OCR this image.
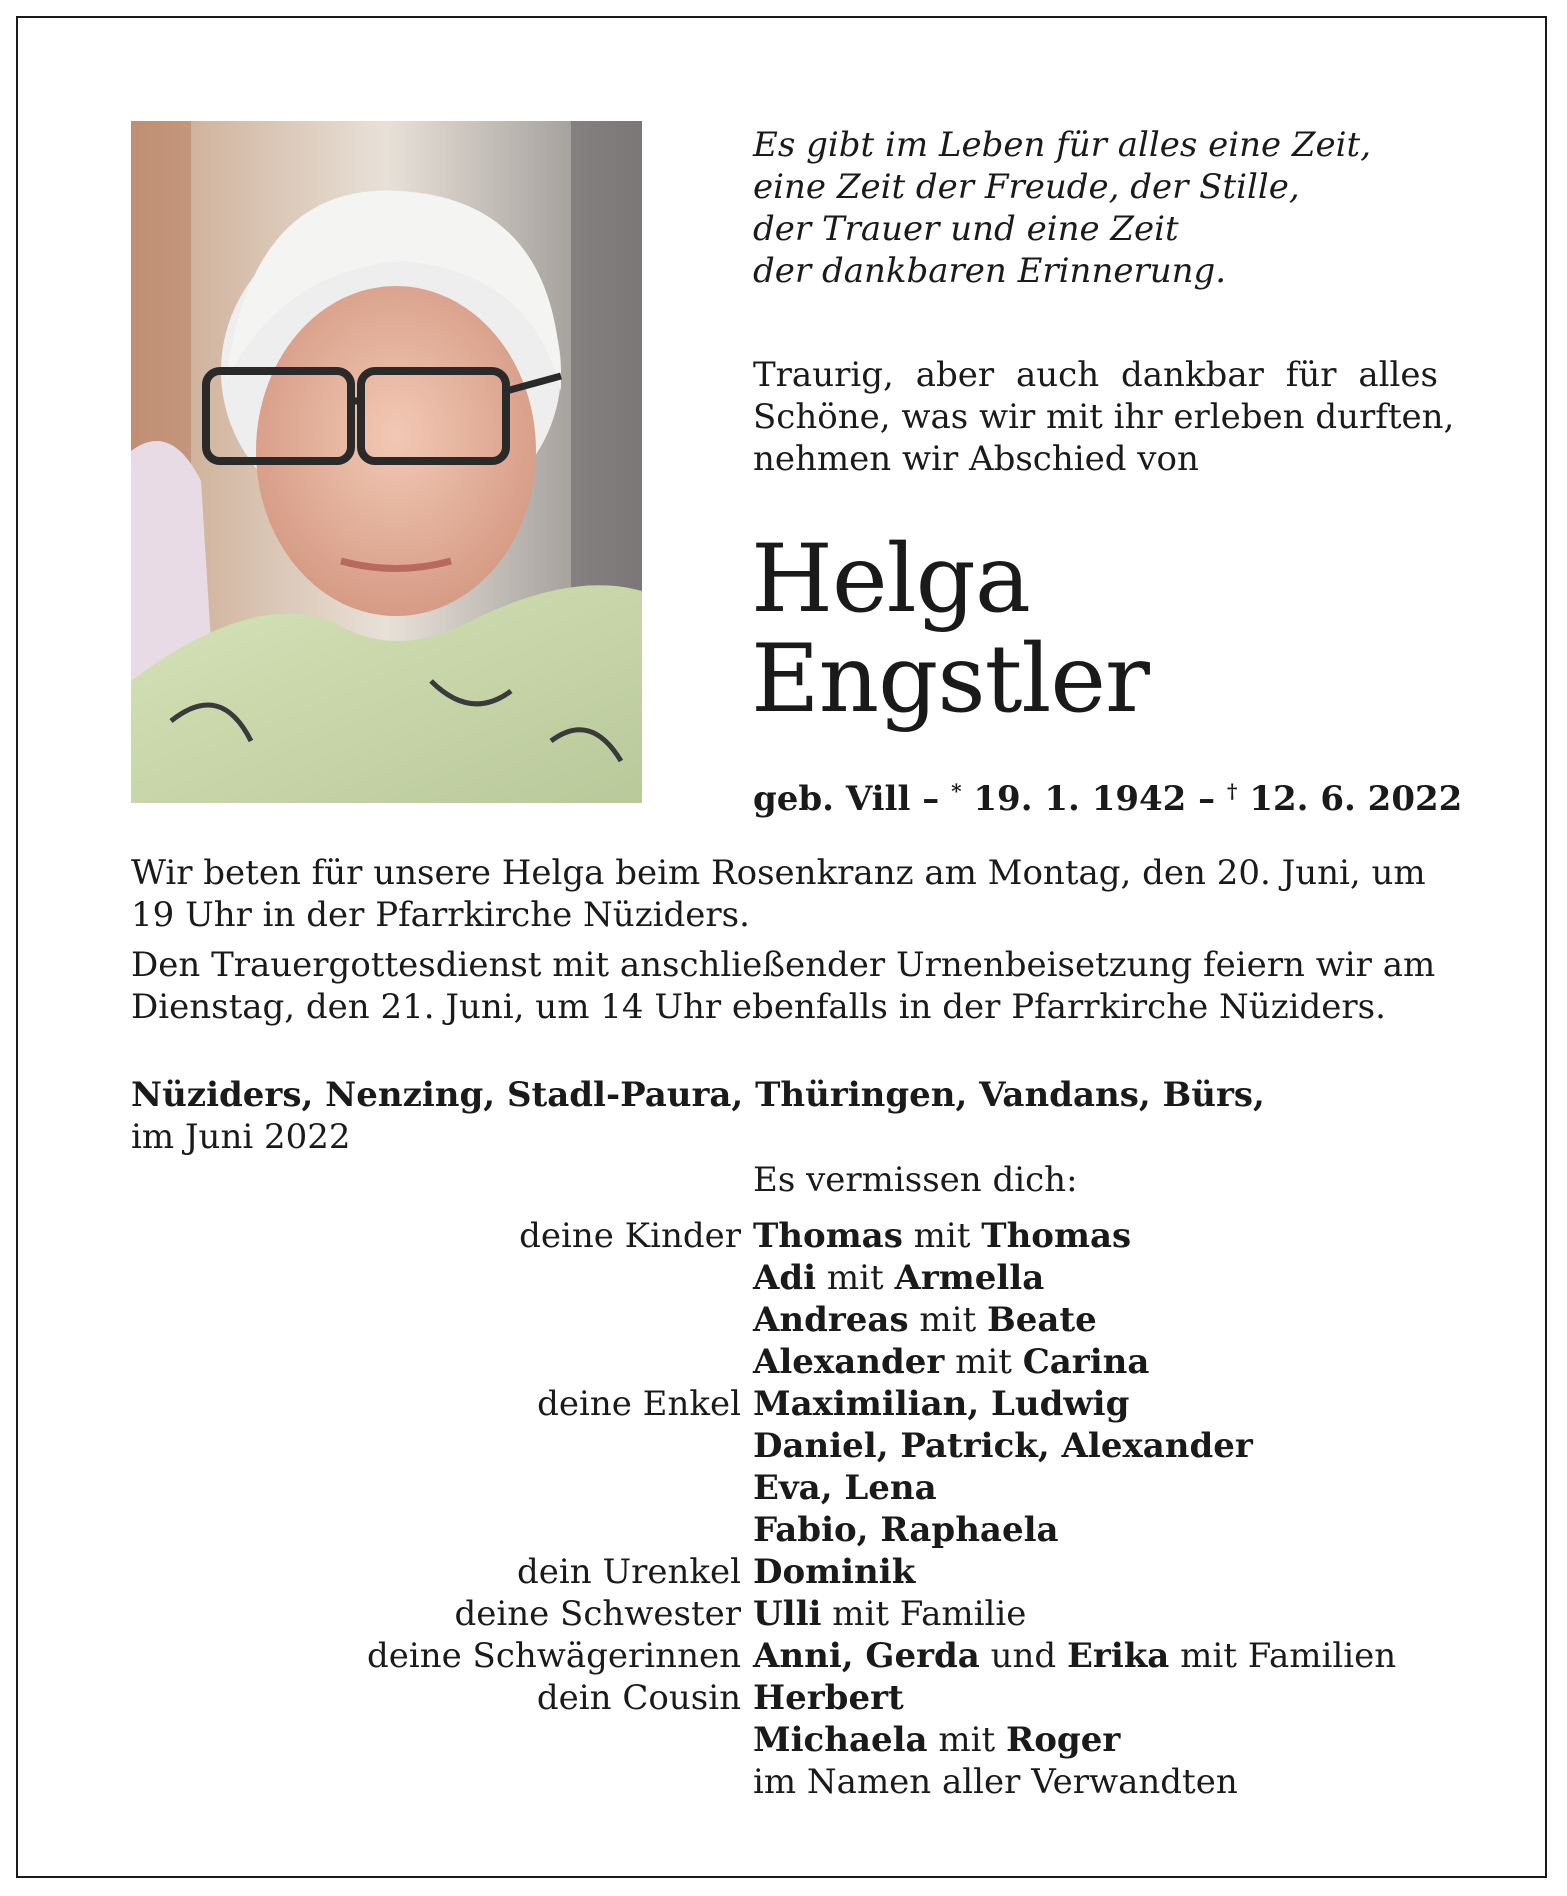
Es gibt im Leben für alles eine Zeit,
eine Zeit der Freude, der Stille,
der Trauer und eine Zeit
der dankbaren Erinnerung.
Traurig, aber auch dankbar für alles
Schöne, was wir mit ihr erleben durften,
nehmen wir Abschied von
Helga
Engstler
geb. Vill – * 19. 1. 1942 – † 12. 6. 2022

Wir beten für unsere Helga beim Rosenkranz am Montag, den 20. Juni, um
19 Uhr in der Pfarrkirche Nüziders.

Den Trauergottesdienst mit anschließender Urnenbeisetzung feiern wir am
Dienstag, den 21. Juni, um 14 Uhr ebenfalls in der Pfarrkirche Nüziders.

Nüziders, Nenzing, Stadl-Paura, Thüringen, Vandans, Bürs,
im Juni 2022
Es vermissen dich:
deine Kinder Thomas mit Thomas
Adi mit Armella
Andreas mit Beate
Alexander mit Carina
deine Enkel Maximilian, Ludwig
Daniel, Patrick, Alexander
Eva, Lena
Fabio, Raphaela
dein Urenkel Dominik
deine Schwester Ulli mit Familie
deine Schwägerinnen Anni, Gerda und Erika mit Familien
dein Cousin Herbert
Michaela mit Roger
im Namen aller Verwandten
